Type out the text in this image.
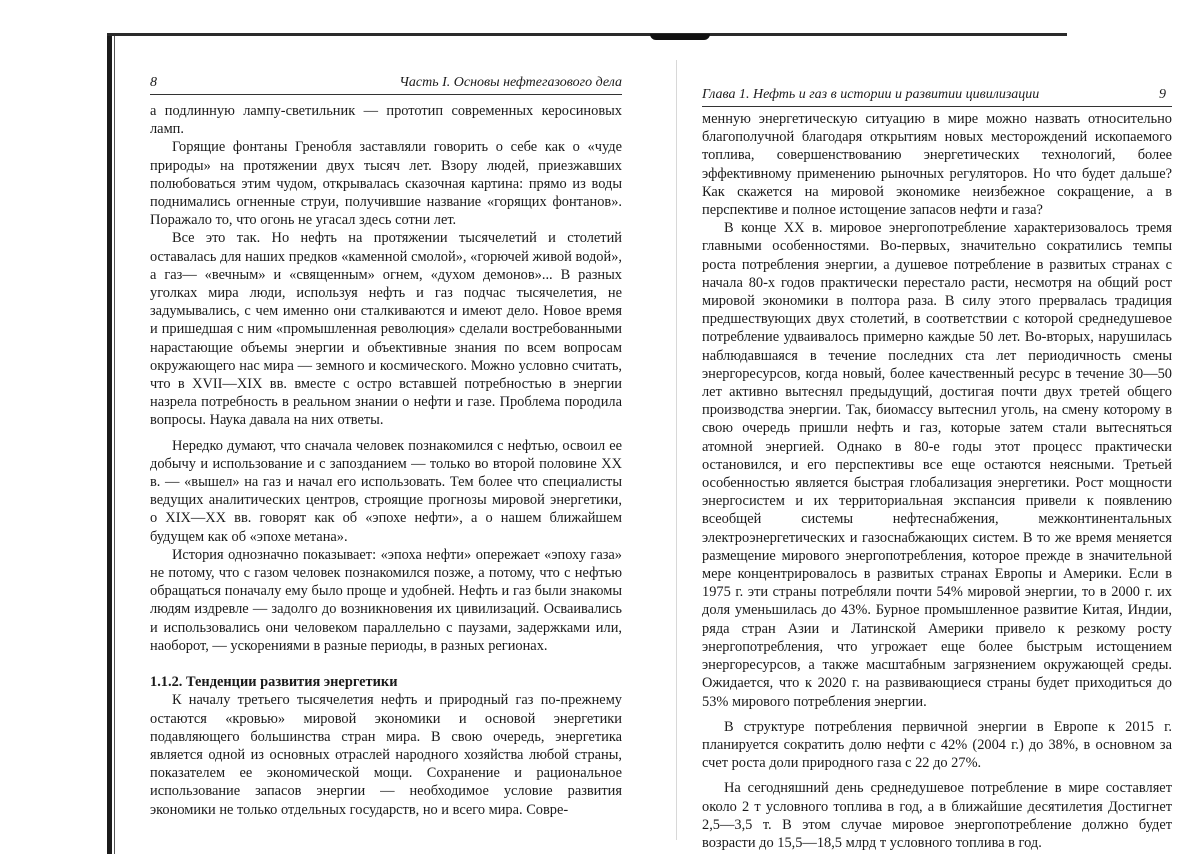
8	Часть I. Основы нефтегазового дела

а подлинную лампу-светильник — прототип современных керосиновых ламп.

Горящие фонтаны Гренобля заставляли говорить о себе как о «чуде природы» на протяжении двух тысяч лет. Взору людей, приезжавших полюбоваться этим чудом, открывалась сказочная картина: прямо из воды поднимались огненные струи, получившие название «горящих фонтанов». Поражало то, что огонь не угасал здесь сотни лет.

Все это так. Но нефть на протяжении тысячелетий и столетий оставалась для наших предков «каменной смолой», «горючей живой водой», а газ— «вечным» и «священным» огнем, «духом демонов»... В разных уголках мира люди, используя нефть и газ подчас тысячелетия, не задумывались, с чем именно они сталкиваются и имеют дело. Новое время и пришедшая с ним «промышленная революция» сделали востребованными нарастающие объемы энергии и объективные знания по всем вопросам окружающего нас мира — земного и космического. Можно условно считать, что в XVII—XIX вв. вместе с остро вставшей потребностью в энергии назрела потребность в реальном знании о нефти и газе. Проблема породила вопросы. Наука давала на них ответы.

Нередко думают, что сначала человек познакомился с нефтью, освоил ее добычу и использование и с запозданием — только во второй половине XX в. — «вышел» на газ и начал его использовать. Тем более что специалисты ведущих аналитических центров, строящие прогнозы мировой энергетики, о XIX—XX вв. говорят как об «эпохе нефти», а о нашем ближайшем будущем как об «эпохе метана».

История однозначно показывает: «эпоха нефти» опережает «эпоху газа» не потому, что с газом человек познакомился позже, а потому, что с нефтью обращаться поначалу ему было проще и удобней. Нефть и газ были знакомы людям издревле — задолго до возникновения их цивилизаций. Осваивались и использовались они человеком параллельно с паузами, задержками или, наоборот, — ускорениями в разные периоды, в разных регионах.

1.1.2. Тенденции развития энергетики

К началу третьего тысячелетия нефть и природный газ по-прежнему остаются «кровью» мировой экономики и основой энергетики подавляющего большинства стран мира. В свою очередь, энергетика является одной из основных отраслей народного хозяйства любой страны, показателем ее экономической мощи. Сохранение и рациональное использование запасов энергии — необходимое условие развития экономики не только отдельных государств, но и всего мира. Совре-

Глава 1. Нефть и газ в истории и развитии цивилизации	9

менную энергетическую ситуацию в мире можно назвать относительно благополучной благодаря открытиям новых месторождений ископаемого топлива, совершенствованию энергетических технологий, более эффективному применению рыночных регуляторов. Но что будет дальше? Как скажется на мировой экономике неизбежное сокращение, а в перспективе и полное истощение запасов нефти и газа?

В конце XX в. мировое энергопотребление характеризовалось тремя главными особенностями. Во-первых, значительно сократились темпы роста потребления энергии, а душевое потребление в развитых странах с начала 80-х годов практически перестало расти, несмотря на общий рост мировой экономики в полтора раза. В силу этого прервалась традиция предшествующих двух столетий, в соответствии с которой среднедушевое потребление удваивалось примерно каждые 50 лет. Во-вторых, нарушилась наблюдавшаяся в течение последних ста лет периодичность смены энергоресурсов, когда новый, более качественный ресурс в течение 30—50 лет активно вытеснял предыдущий, достигая почти двух третей общего производства энергии. Так, биомассу вытеснил уголь, на смену которому в свою очередь пришли нефть и газ, которые затем стали вытесняться атомной энергией. Однако в 80-е годы этот процесс практически остановился, и его перспективы все еще остаются неясными. Третьей особенностью является быстрая глобализация энергетики. Рост мощности энергосистем и их территориальная экспансия привели к появлению всеобщей системы нефтеснабжения, межконтинентальных электроэнергетических и газоснабжающих систем. В то же время меняется размещение мирового энергопотребления, которое прежде в значительной мере концентрировалось в развитых странах Европы и Америки. Если в 1975 г. эти страны потребляли почти 54% мировой энергии, то в 2000 г. их доля уменьшилась до 43%. Бурное промышленное развитие Китая, Индии, ряда стран Азии и Латинской Америки привело к резкому росту энергопотребления, что угрожает еще более быстрым истощением энергоресурсов, а также масштабным загрязнением окружающей среды. Ожидается, что к 2020 г. на развивающиеся страны будет приходиться до 53% мирового потребления энергии.

В структуре потребления первичной энергии в Европе к 2015 г. планируется сократить долю нефти с 42% (2004 г.) до 38%, в основном за счет роста доли природного газа с 22 до 27%.

На сегодняшний день среднедушевое потребление в мире составляет около 2 т условного топлива в год, а в ближайшие десятилетия Достигнет 2,5—3,5 т. В этом случае мировое энергопотребление должно будет возрасти до 15,5—18,5 млрд т условного топлива в год.
